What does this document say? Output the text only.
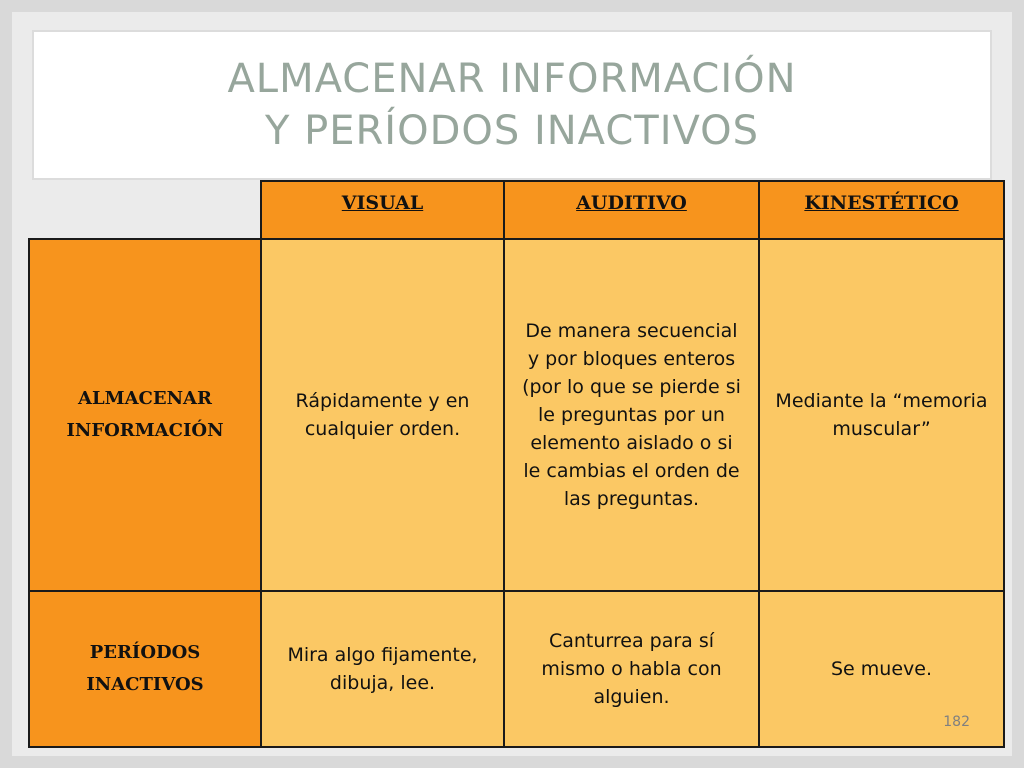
ALMACENAR INFORMACIÓN
Y PERÍODOS INACTIVOS
VISUAL	AUDITIVO	KINESTÉTICO
ALMACENAR
INFORMACIÓN
Rápidamente y en cualquier orden.
De manera secuencial y por bloques enteros (por lo que se pierde si le preguntas por un elemento aislado o si le cambias el orden de las preguntas.
Mediante la “memoria muscular”
PERÍODOS
INACTIVOS
Mira algo fijamente, dibuja, lee.
Canturrea para sí mismo o habla con alguien.
Se mueve.
182
